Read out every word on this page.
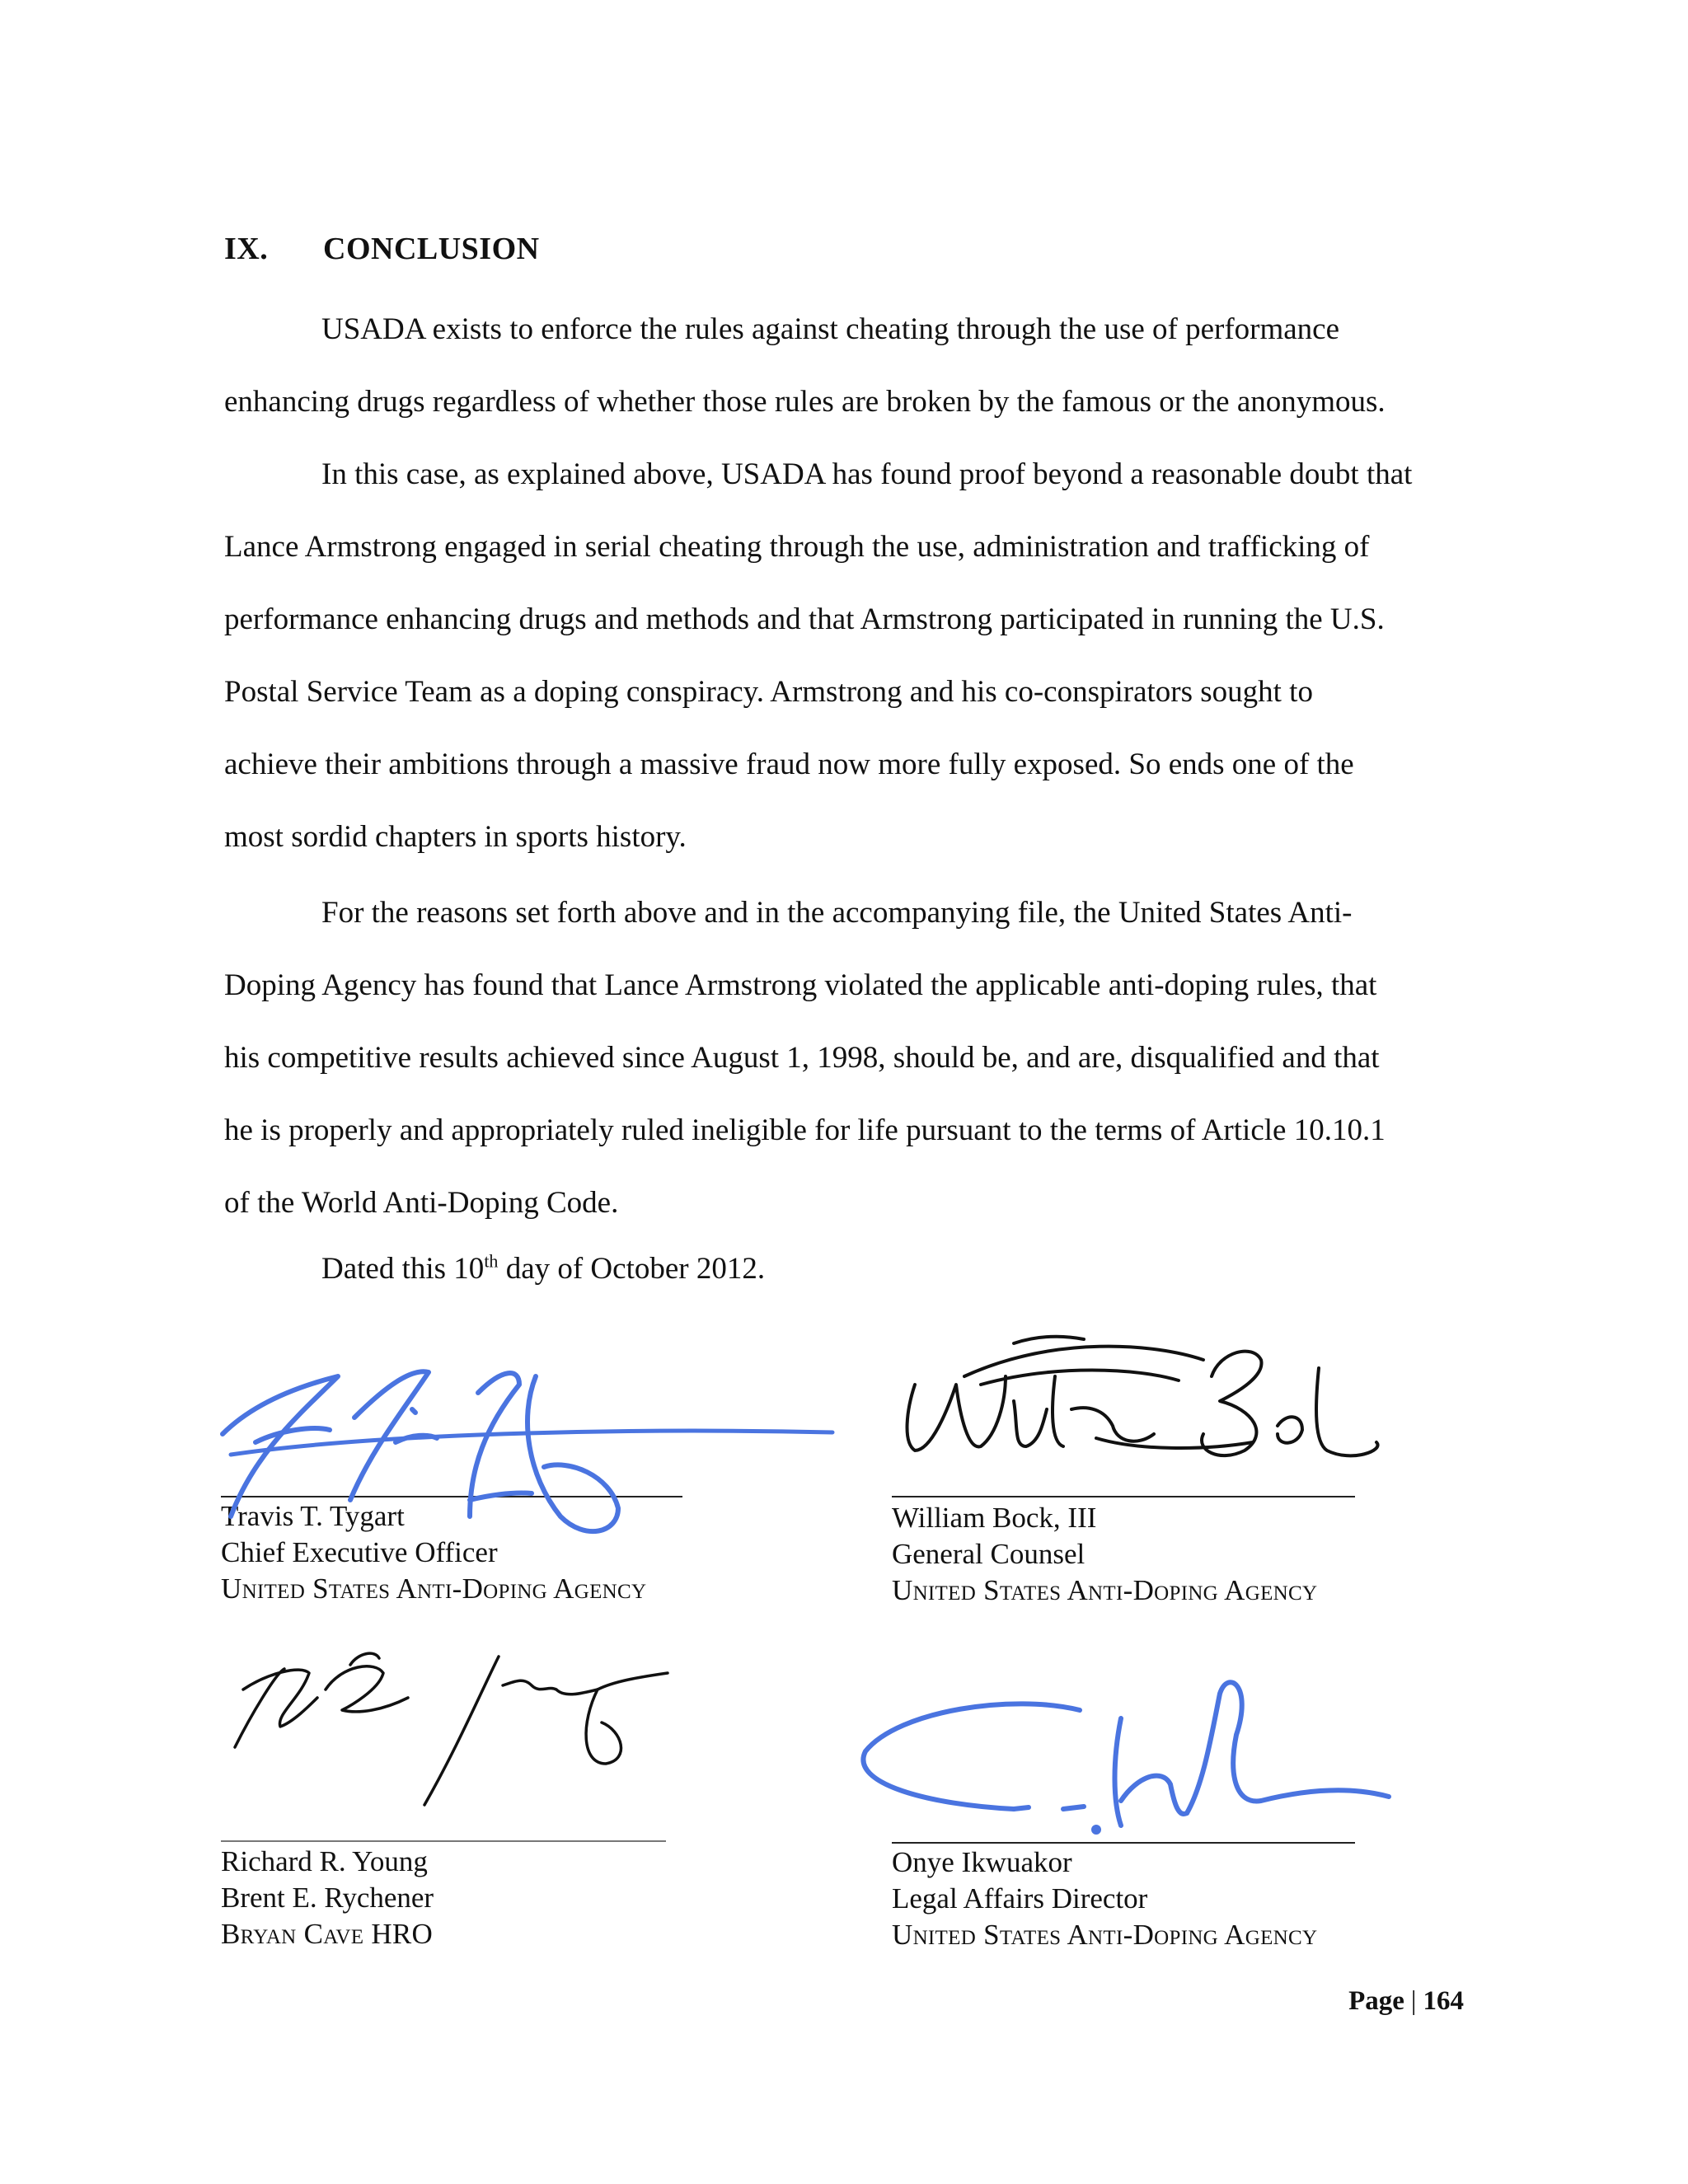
IX. CONCLUSION
USADA exists to enforce the rules against cheating through the use of performance
enhancing drugs regardless of whether those rules are broken by the famous or the anonymous.
In this case, as explained above, USADA has found proof beyond a reasonable doubt that
Lance Armstrong engaged in serial cheating through the use, administration and trafficking of
performance enhancing drugs and methods and that Armstrong participated in running the U.S.
Postal Service Team as a doping conspiracy. Armstrong and his co-conspirators sought to
achieve their ambitions through a massive fraud now more fully exposed. So ends one of the
most sordid chapters in sports history.
For the reasons set forth above and in the accompanying file, the United States Anti-
Doping Agency has found that Lance Armstrong violated the applicable anti-doping rules, that
his competitive results achieved since August 1, 1998, should be, and are, disqualified and that
he is properly and appropriately ruled ineligible for life pursuant to the terms of Article 10.10.1
of the World Anti-Doping Code.
Dated this 10th day of October 2012.
Travis T. Tygart
Chief Executive Officer
United States Anti-Doping Agency
William Bock, III
General Counsel
United States Anti-Doping Agency
Richard R. Young
Brent E. Rychener
Bryan Cave HRO
Onye Ikwuakor
Legal Affairs Director
United States Anti-Doping Agency
Page | 164
